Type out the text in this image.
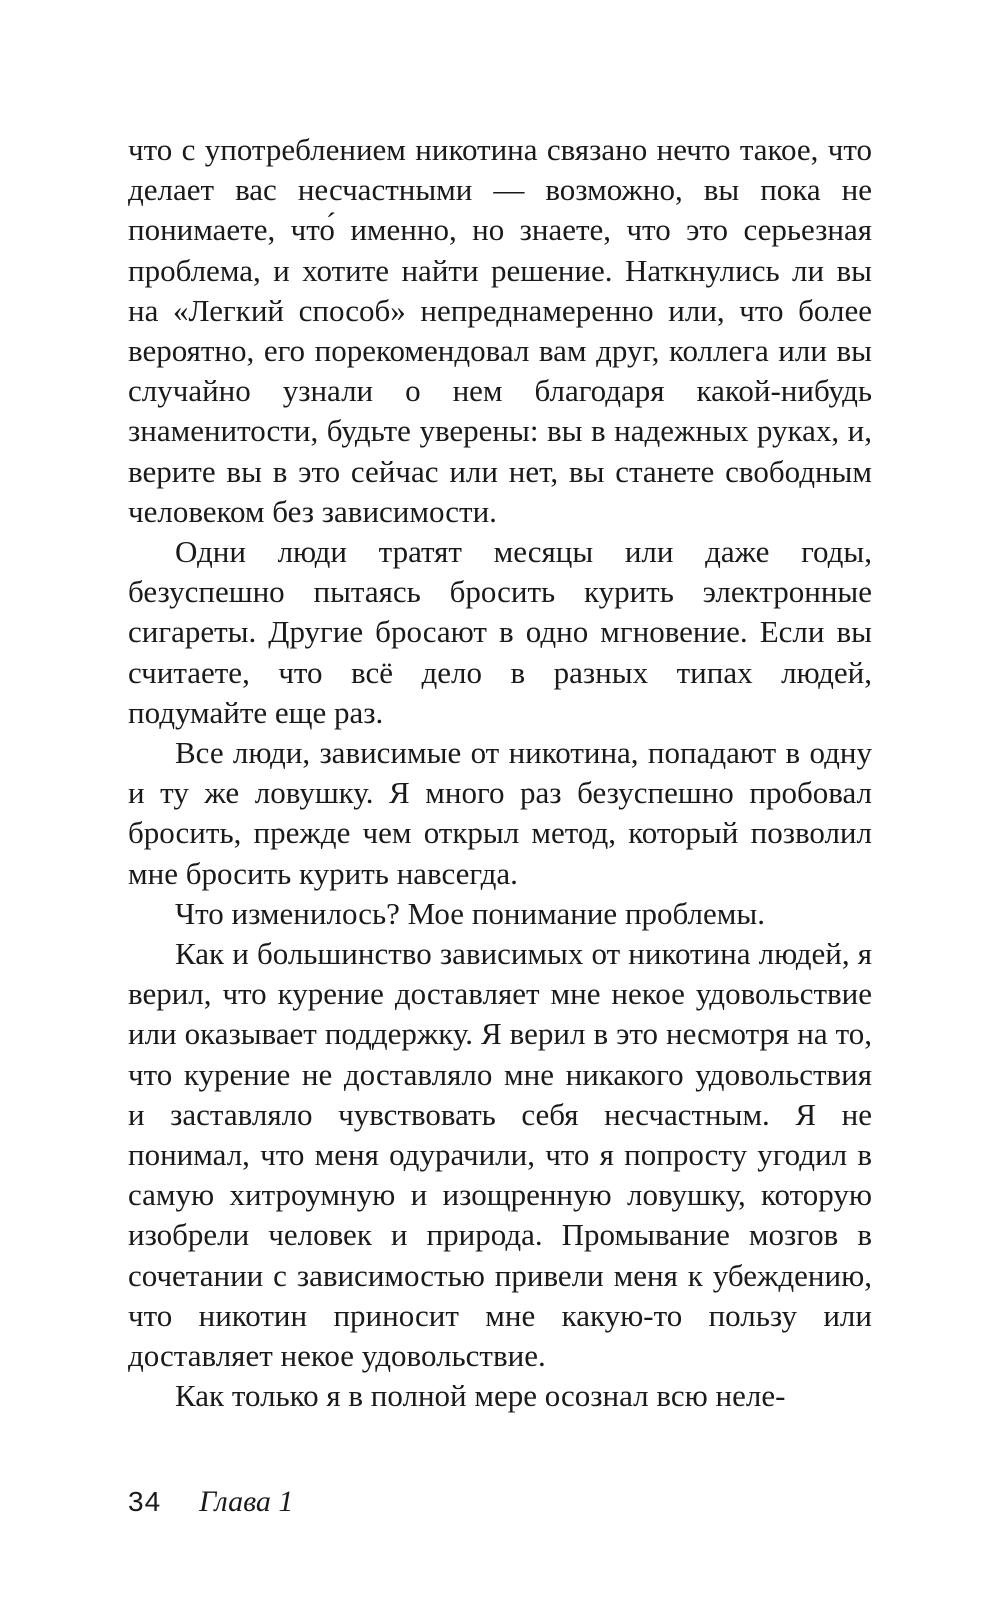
что с употреблением никотина связано нечто такое, что делает вас несчастными — возможно, вы пока не понимаете, что́ именно, но знаете, что это серьезная проблема, и хотите найти решение. Наткнулись ли вы на «Легкий способ» непреднамеренно или, что более вероятно, его порекомендовал вам друг, коллега или вы случайно узнали о нем благодаря какой-нибудь знаменитости, будьте уверены: вы в надежных руках, и, верите вы в это сейчас или нет, вы станете свободным человеком без зависимости.

Одни люди тратят месяцы или даже годы, безуспешно пытаясь бросить курить электронные сигареты. Другие бросают в одно мгновение. Если вы считаете, что всё дело в разных типах людей, подумайте еще раз.

Все люди, зависимые от никотина, попадают в одну и ту же ловушку. Я много раз безуспешно пробовал бросить, прежде чем открыл метод, который позволил мне бросить курить навсегда.

Что изменилось? Мое понимание проблемы.

Как и большинство зависимых от никотина людей, я верил, что курение доставляет мне некое удовольствие или оказывает поддержку. Я верил в это несмотря на то, что курение не доставляло мне никакого удовольствия и заставляло чувствовать себя несчастным. Я не понимал, что меня одурачили, что я попросту угодил в самую хитроумную и изощренную ловушку, которую изобрели человек и природа. Промывание мозгов в сочетании с зависимостью привели меня к убеждению, что никотин приносит мне какую-то пользу или доставляет некое удовольствие.

Как только я в полной мере осознал всю неле-

34 Глава 1
